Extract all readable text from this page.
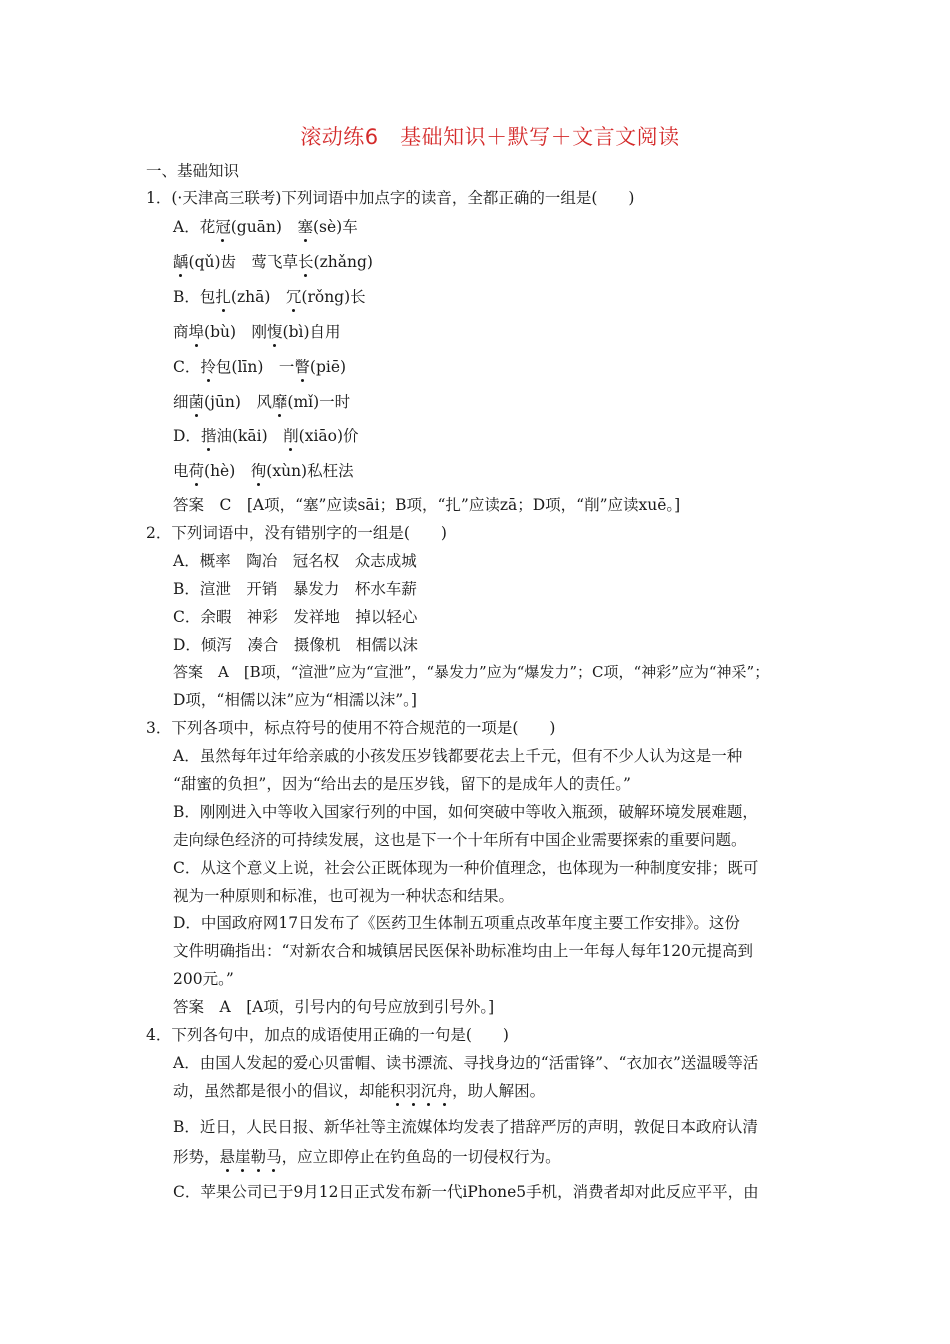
滚动练6　基础知识＋默写＋文言文阅读
一、基础知识
1．(·天津高三联考)下列词语中加点字的读音，全都正确的一组是(　　)
A．花冠(guān)　塞(sè)车
龋(qǔ)齿　莺飞草长(zhǎng)
B．包扎(zhā)　冗(rǒng)长
商埠(bù)　刚愎(bì)自用
C．拎包(līn)　一瞥(piē)
细菌(jūn)　风靡(mǐ)一时
D．揩油(kāi)　削(xiāo)价
电荷(hè)　徇(xùn)私枉法
答案　C　[A项，“塞”应读sāi；B项，“扎”应读zā；D项，“削”应读xuē。]
2．下列词语中，没有错别字的一组是(　　)
A．概率　陶冶　冠名权　众志成城
B．渲泄　开销　暴发力　杯水车薪
C．余暇　神彩　发祥地　掉以轻心
D．倾泻　凑合　摄像机　相儒以沫
答案　A　[B项，“渲泄”应为“宣泄”，“暴发力”应为“爆发力”；C项，“神彩”应为“神采”；
D项，“相儒以沫”应为“相濡以沫”。]
3．下列各项中，标点符号的使用不符合规范的一项是(　　)
A．虽然每年过年给亲戚的小孩发压岁钱都要花去上千元，但有不少人认为这是一种
“甜蜜的负担”，因为“给出去的是压岁钱，留下的是成年人的责任。”
B．刚刚进入中等收入国家行列的中国，如何突破中等收入瓶颈，破解环境发展难题，
走向绿色经济的可持续发展，这也是下一个十年所有中国企业需要探索的重要问题。
C．从这个意义上说，社会公正既体现为一种价值理念，也体现为一种制度安排；既可
视为一种原则和标准，也可视为一种状态和结果。
D．中国政府网17日发布了《医药卫生体制五项重点改革年度主要工作安排》。这份
文件明确指出：“对新农合和城镇居民医保补助标准均由上一年每人每年120元提高到
200元。”
答案　A　[A项，引号内的句号应放到引号外。]
4．下列各句中，加点的成语使用正确的一句是(　　)
A．由国人发起的爱心贝雷帽、读书漂流、寻找身边的“活雷锋”、“衣加衣”送温暖等活
动，虽然都是很小的倡议，却能积羽沉舟，助人解困。
B．近日，人民日报、新华社等主流媒体均发表了措辞严厉的声明，敦促日本政府认清
形势，悬崖勒马，应立即停止在钓鱼岛的一切侵权行为。
C．苹果公司已于9月12日正式发布新一代iPhone5手机，消费者却对此反应平平，由
